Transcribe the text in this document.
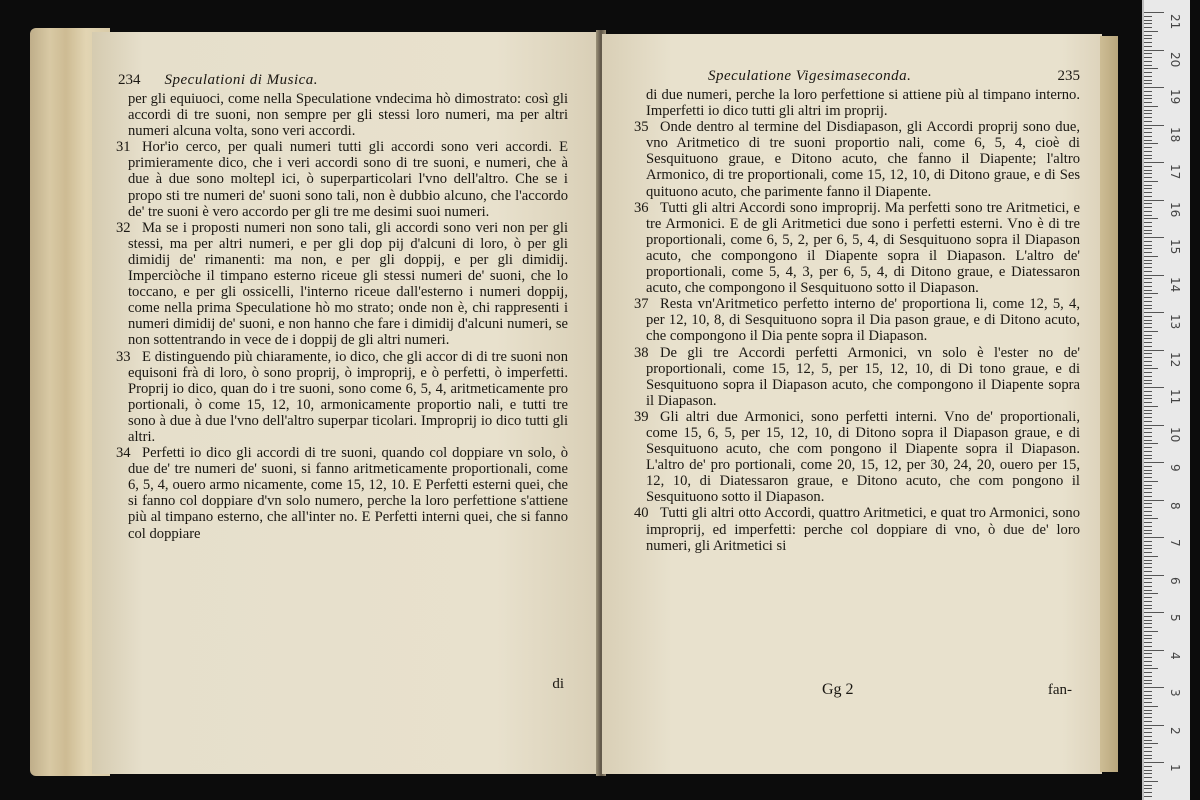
234 Speculationi di Musica.

per gli equiuoci, come nella Speculatione vndecima hò dimostrato: così gli accordi di tre suoni, non sempre per gli stessi loro numeri, ma per altri numeri alcuna volta, sono veri accordi.

31 Hor'io cerco, per quali numeri tutti gli accordi sono veri accordi. E primieramente dico, che i veri accordi sono di tre suoni, e numeri, che à due à due sono moltepl ici, ò superparticolari l'vno dell'altro. Che se i propo sti tre numeri de' suoni sono tali, non è dubbio alcuno, che l'accordo de' tre suoni è vero accordo per gli tre me desimi suoi numeri.

32 Ma se i proposti numeri non sono tali, gli accordi sono veri non per gli stessi, ma per altri numeri, e per gli dop pij d'alcuni di loro, ò per gli dimidij de' rimanenti: ma non, e per gli doppij, e per gli dimidij. Imperciòche il timpano esterno riceue gli stessi numeri de' suoni, che lo toccano, e per gli ossicelli, l'interno riceue dall'esterno i numeri doppij, come nella prima Speculatione hò mo strato; onde non è, chi rappresenti i numeri dimidij de' suoni, e non hanno che fare i dimidij d'alcuni numeri, se non sottentrando in vece de i doppij de gli altri numeri.

33 E distinguendo più chiaramente, io dico, che gli accor di di tre suoni non equisoni frà di loro, ò sono proprij, ò improprij, e ò perfetti, ò imperfetti. Proprij io dico, quan do i tre suoni, sono come 6, 5, 4, aritmeticamente pro portionali, ò come 15, 12, 10, armonicamente proportio nali, e tutti tre sono à due à due l'vno dell'altro superpar ticolari. Improprij io dico tutti gli altri.

34 Perfetti io dico gli accordi di tre suoni, quando col doppiare vn solo, ò due de' tre numeri de' suoni, si fanno aritmeticamente proportionali, come 6, 5, 4, ouero armo nicamente, come 15, 12, 10. E Perfetti esterni quei, che si fanno col doppiare d'vn solo numero, perche la loro perfettione s'attiene più al timpano esterno, che all'inter no. E Perfetti interni quei, che si fanno col doppiare

di
Speculatione Vigesimaseconda.	235

di due numeri, perche la loro perfettione si attiene più al timpano interno. Imperfetti io dico tutti gli altri im proprij.

35 Onde dentro al termine del Disdiapason, gli Accordi proprij sono due, vno Aritmetico di tre suoni proportio nali, come 6, 5, 4, cioè di Sesquituono graue, e Ditono acuto, che fanno il Diapente; l'altro Armonico, di tre proportionali, come 15, 12, 10, di Ditono graue, e di Ses quituono acuto, che parimente fanno il Diapente.

36 Tutti gli altri Accordi sono improprij. Ma perfetti sono tre Aritmetici, e tre Armonici. E de gli Aritmetici due sono i perfetti esterni. Vno è di tre proportionali, come 6, 5, 2, per 6, 5, 4, di Sesquituono sopra il Diapason acuto, che compongono il Diapente sopra il Diapason. L'altro de' proportionali, come 5, 4, 3, per 6, 5, 4, di Ditono graue, e Diatessaron acuto, che compongono il Sesquituono sotto il Diapason.

37 Resta vn'Aritmetico perfetto interno de' proportiona li, come 12, 5, 4, per 12, 10, 8, di Sesquituono sopra il Dia pason graue, e di Ditono acuto, che compongono il Dia pente sopra il Diapason.

38 De gli tre Accordi perfetti Armonici, vn solo è l'ester no de' proportionali, come 15, 12, 5, per 15, 12, 10, di Di tono graue, e di Sesquituono sopra il Diapason acuto, che compongono il Diapente sopra il Diapason.

39 Gli altri due Armonici, sono perfetti interni. Vno de' proportionali, come 15, 6, 5, per 15, 12, 10, di Ditono sopra il Diapason graue, e di Sesquituono acuto, che com pongono il Diapente sopra il Diapason. L'altro de' pro portionali, come 20, 15, 12, per 30, 24, 20, ouero per 15, 12, 10, di Diatessaron graue, e Ditono acuto, che com pongono il Sesquituono sotto il Diapason.

40 Tutti gli altri otto Accordi, quattro Aritmetici, e quat tro Armonici, sono improprij, ed imperfetti: perche col doppiare di vno, ò due de' loro numeri, gli Aritmetici si

Gg 2	fan-
21
20
19
18
17
16
15
14
13
12
11
10
9
8
7
6
5
4
3
2
1
